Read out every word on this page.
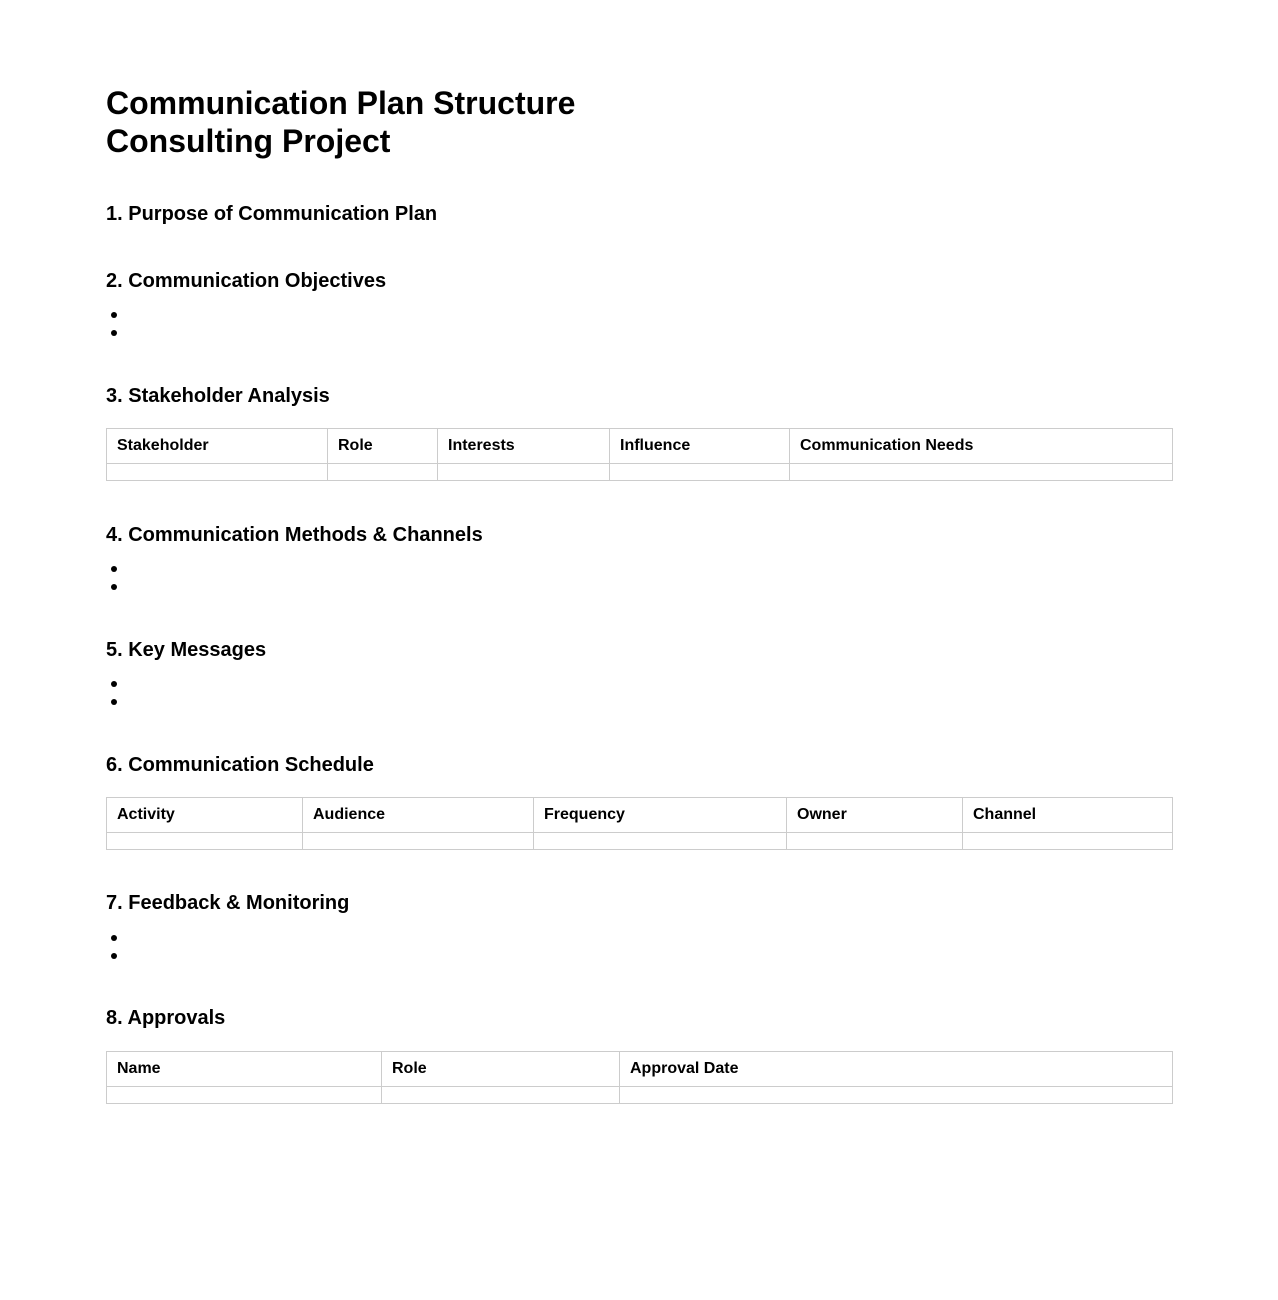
Communication Plan Structure
Consulting Project
1. Purpose of Communication Plan
2. Communication Objectives
3. Stakeholder Analysis
Stakeholder	Role	Interests	Influence	Communication Needs

4. Communication Methods & Channels
5. Key Messages
6. Communication Schedule
Activity	Audience	Frequency	Owner	Channel

7. Feedback & Monitoring
8. Approvals
Name	Role	Approval Date
